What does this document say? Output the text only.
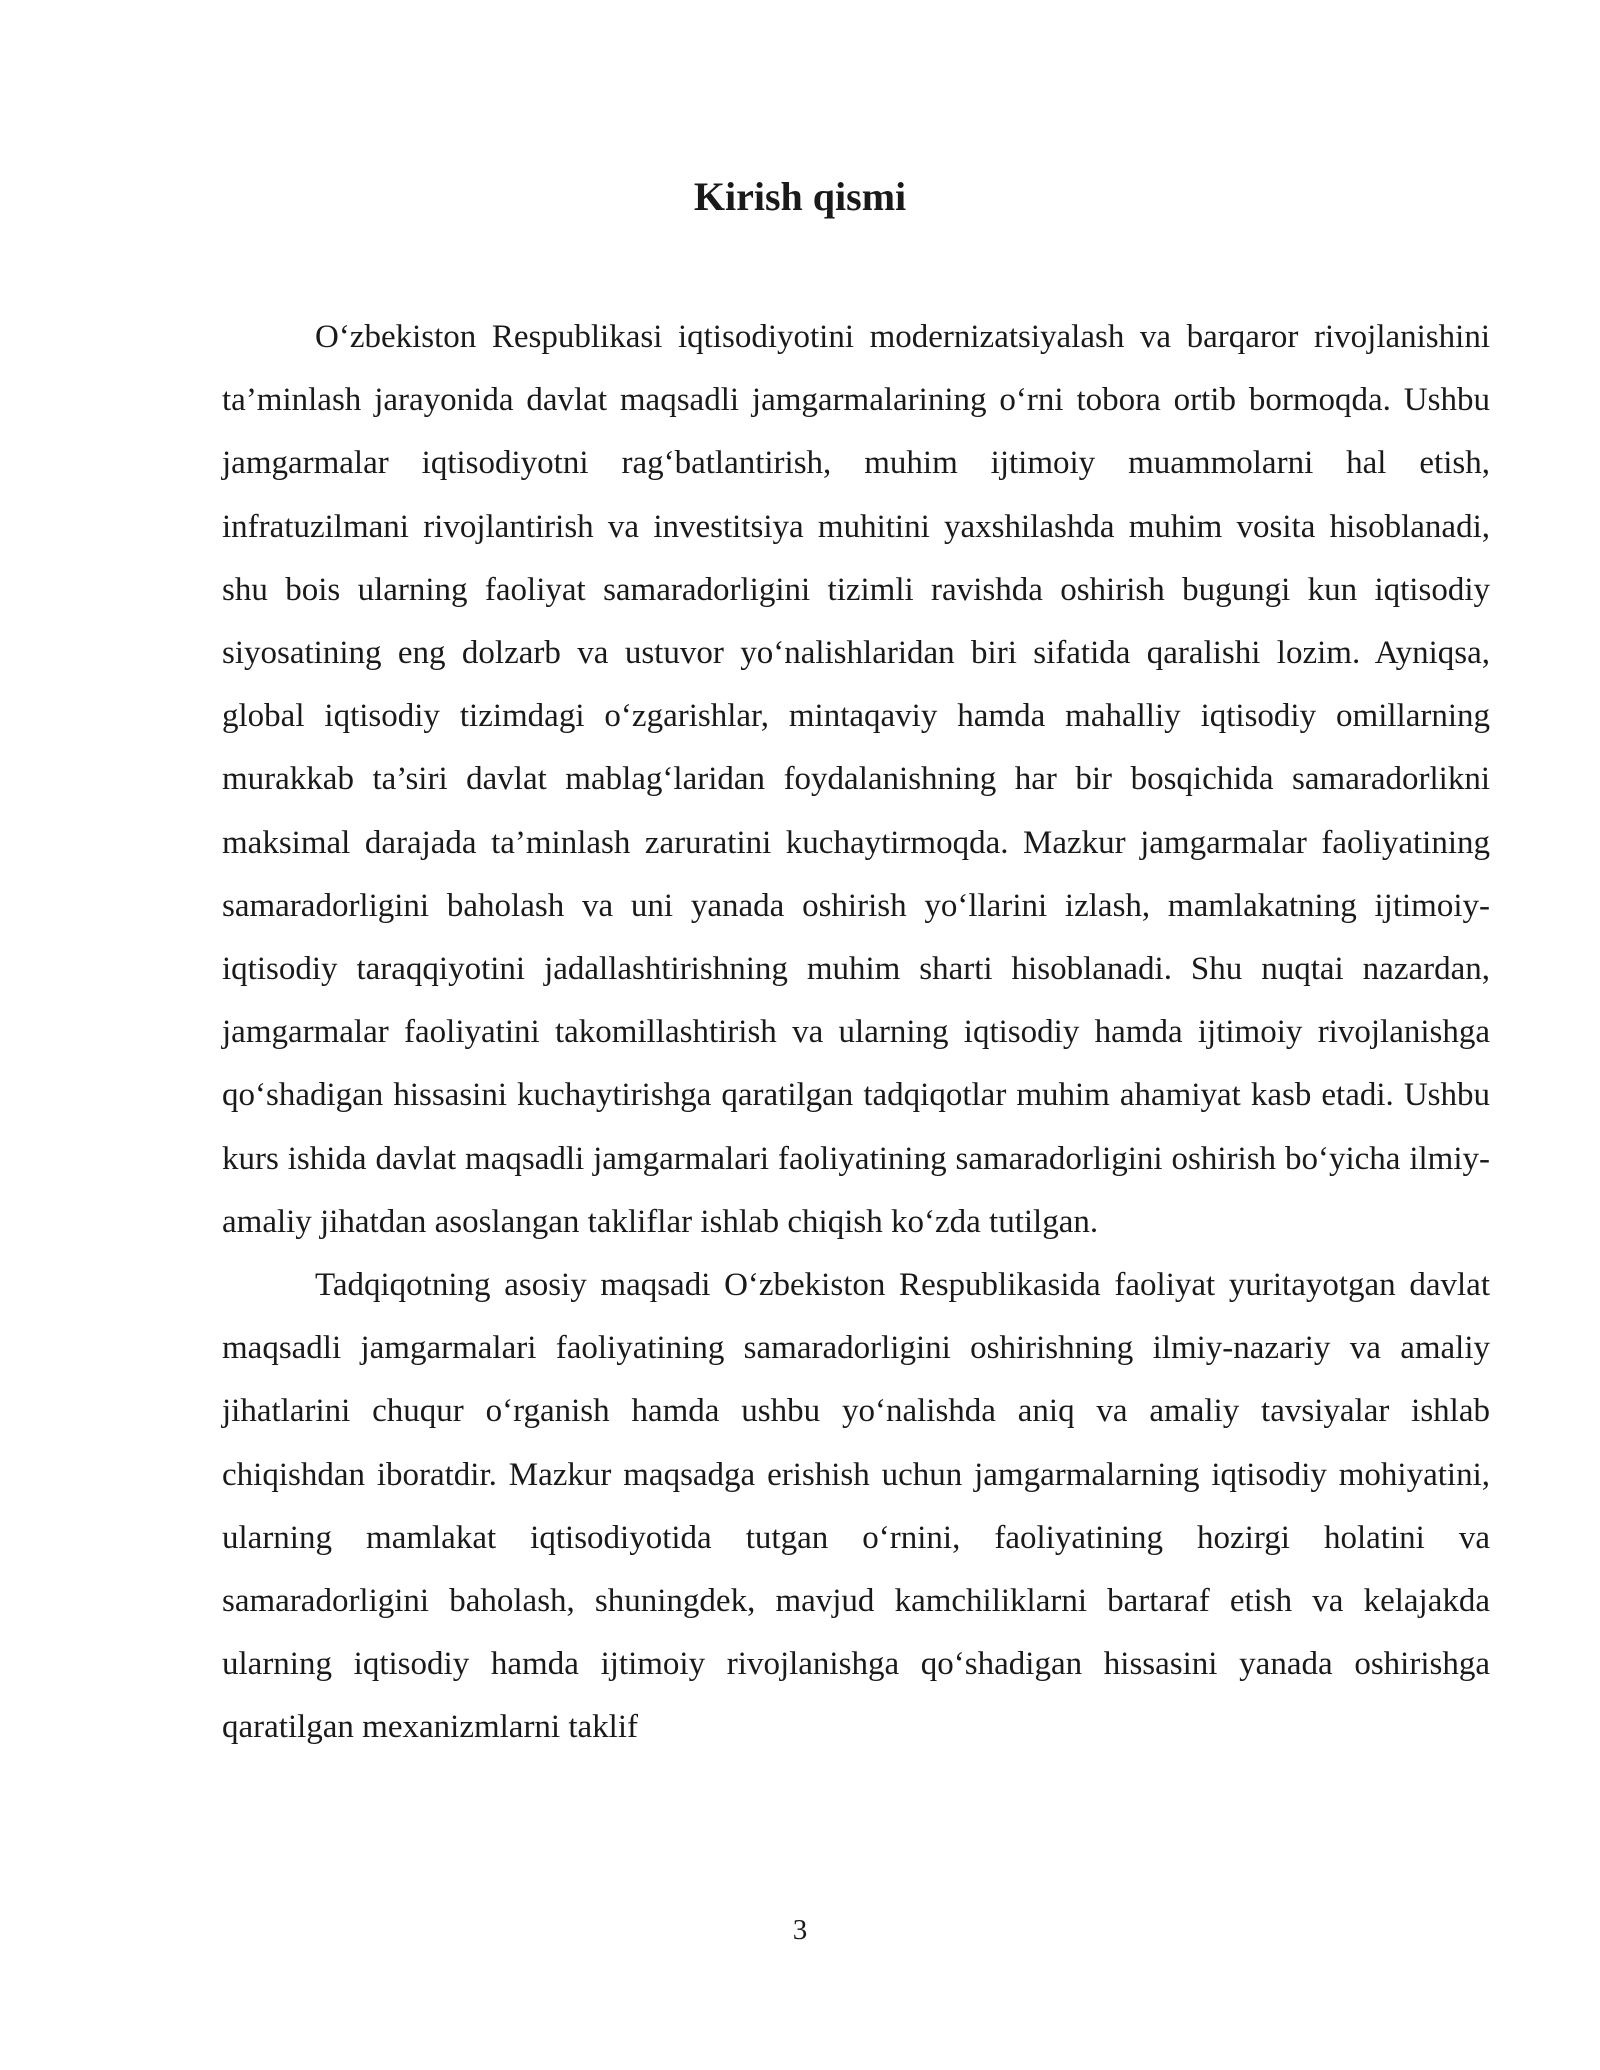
Kirish qismi

O‘zbekiston Respublikasi iqtisodiyotini modernizatsiyalash va barqaror rivojlanishini ta’minlash jarayonida davlat maqsadli jamgarmalarining o‘rni tobora ortib bormoqda. Ushbu jamgarmalar iqtisodiyotni rag‘batlantirish, muhim ijtimoiy muammolarni hal etish, infratuzilmani rivojlantirish va investitsiya muhitini yaxshilashda muhim vosita hisoblanadi, shu bois ularning faoliyat samaradorligini tizimli ravishda oshirish bugungi kun iqtisodiy siyosatining eng dolzarb va ustuvor yo‘nalishlaridan biri sifatida qaralishi lozim. Ayniqsa, global iqtisodiy tizimdagi o‘zgarishlar, mintaqaviy hamda mahalliy iqtisodiy omillarning murakkab ta’siri davlat mablag‘laridan foydalanishning har bir bosqichida samaradorlikni maksimal darajada ta’minlash zaruratini kuchaytirmoqda. Mazkur jamgarmalar faoliyatining samaradorligini baholash va uni yanada oshirish yo‘llarini izlash, mamlakatning ijtimoiy-iqtisodiy taraqqiyotini jadallashtirishning muhim sharti hisoblanadi. Shu nuqtai nazardan, jamgarmalar faoliyatini takomillashtirish va ularning iqtisodiy hamda ijtimoiy rivojlanishga qo‘shadigan hissasini kuchaytirishga qaratilgan tadqiqotlar muhim ahamiyat kasb etadi. Ushbu kurs ishida davlat maqsadli jamgarmalari faoliyatining samaradorligini oshirish bo‘yicha ilmiy-amaliy jihatdan asoslangan takliflar ishlab chiqish ko‘zda tutilgan.

Tadqiqotning asosiy maqsadi O‘zbekiston Respublikasida faoliyat yuritayotgan davlat maqsadli jamgarmalari faoliyatining samaradorligini oshirishning ilmiy-nazariy va amaliy jihatlarini chuqur o‘rganish hamda ushbu yo‘nalishda aniq va amaliy tavsiyalar ishlab chiqishdan iboratdir. Mazkur maqsadga erishish uchun jamgarmalarning iqtisodiy mohiyatini, ularning mamlakat iqtisodiyotida tutgan o‘rnini, faoliyatining hozirgi holatini va samaradorligini baholash, shuningdek, mavjud kamchiliklarni bartaraf etish va kelajakda ularning iqtisodiy hamda ijtimoiy rivojlanishga qo‘shadigan hissasini yanada oshirishga qaratilgan mexanizmlarni taklif

3
